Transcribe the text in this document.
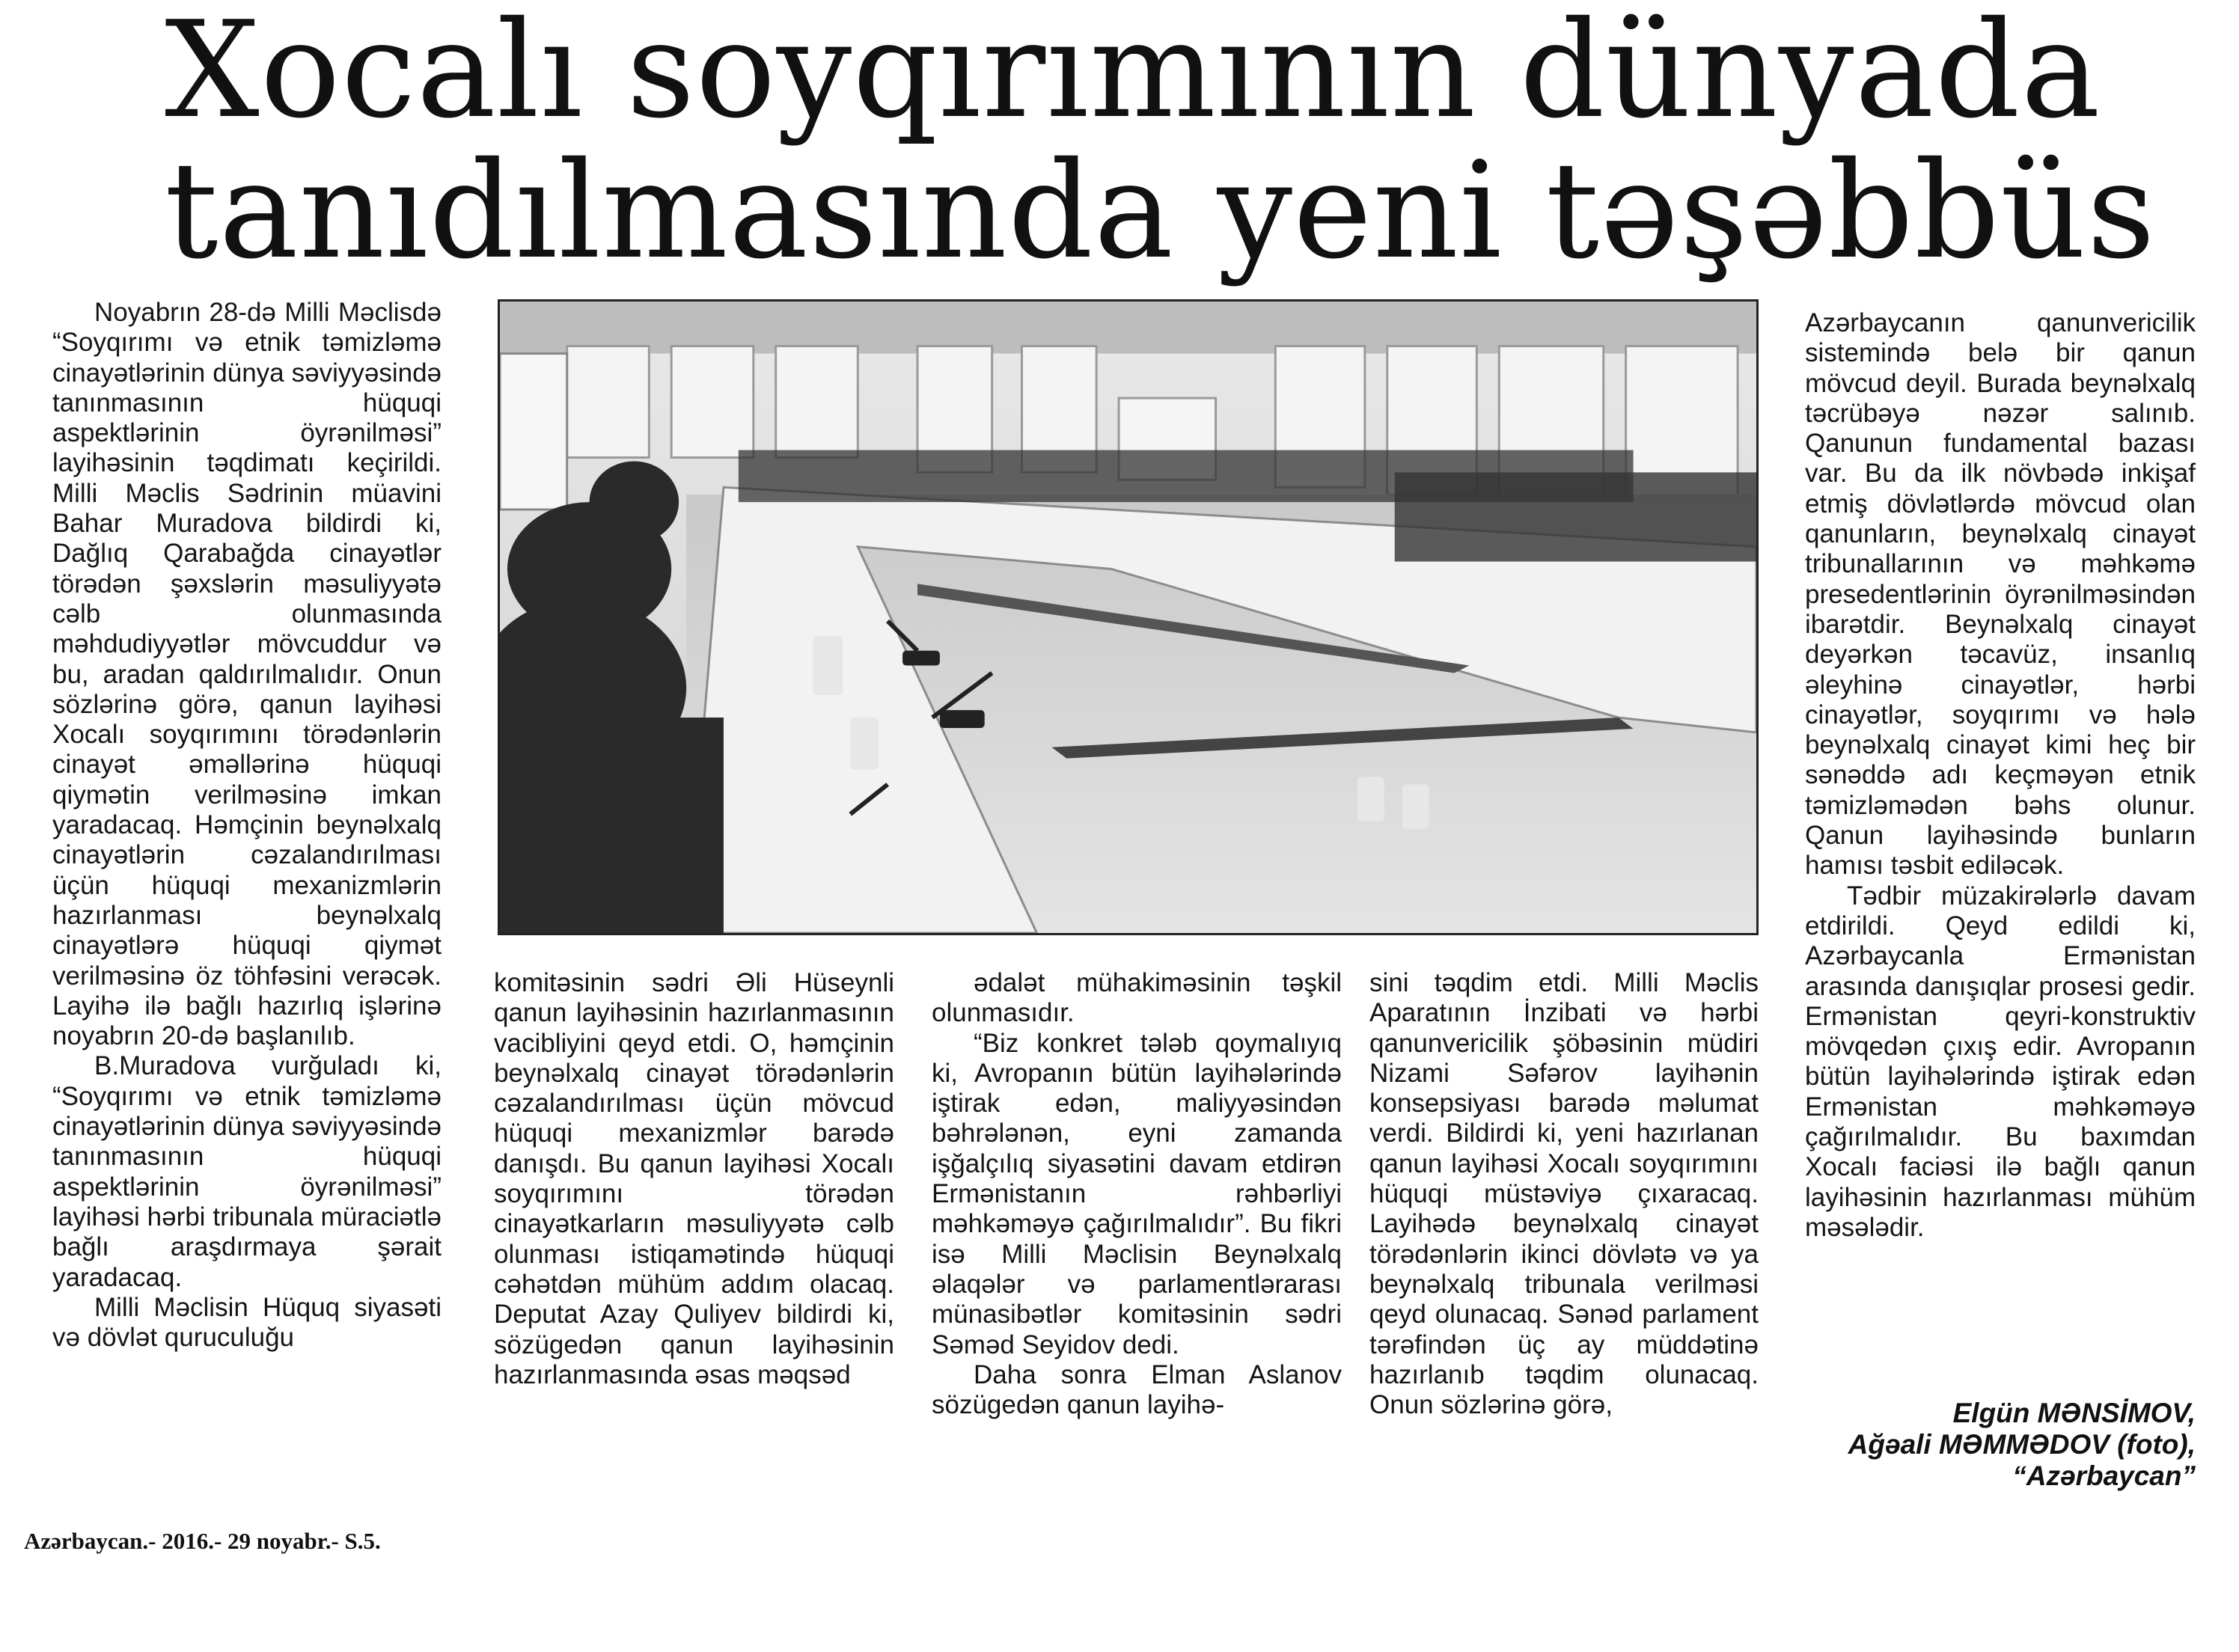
Xocalı soyqırımının dünyada
tanıdılmasında yeni təşəbbüs

Noyabrın 28-də Milli Məclisdə “Soyqırımı və etnik təmizləmə cinayətlərinin dünya səviyyəsində tanınmasının hüquqi aspektlərinin öyrənilməsi” layihəsinin təqdimatı keçirildi. Milli Məclis Sədrinin müavini Bahar Muradova bildirdi ki, Dağlıq Qarabağda cinayətlər törədən şəxslərin məsuliyyətə cəlb olunmasında məhdudiyyətlər mövcuddur və bu, aradan qaldırılmalıdır. Onun sözlərinə görə, qanun layihəsi Xocalı soyqırımını törədənlərin cinayət əməllərinə hüquqi qiymətin verilməsinə imkan yaradacaq. Həmçinin beynəlxalq cinayətlərin cəzalandırılması üçün hüquqi mexanizmlərin hazırlanması beynəlxalq cinayətlərə hüquqi qiymət verilməsinə öz töhfəsini verəcək. Layihə ilə bağlı hazırlıq işlərinə noyabrın 20-də başlanılıb.

B.Muradova vurğuladı ki, “Soyqırımı və etnik təmizləmə cinayətlərinin dünya səviyyəsində tanınmasının hüquqi aspektlərinin öyrənilməsi” layihəsi hərbi tribunala müraciətlə bağlı araşdırmaya şərait yaradacaq.

Milli Məclisin Hüquq siyasəti və dövlət quruculuğu

komitəsinin sədri Əli Hüseynli qanun layihəsinin hazırlanmasının vacibliyini qeyd etdi. O, həmçinin beynəlxalq cinayət törədənlərin cəzalandırılması üçün mövcud hüquqi mexanizmlər barədə danışdı. Bu qanun layihəsi Xocalı soyqırımını törədən cinayətkarların məsuliyyətə cəlb olunması istiqamətində hüquqi cəhətdən mühüm addım olacaq. Deputat Azay Quliyev bildirdi ki, sözügedən qanun layihəsinin hazırlanmasında əsas məqsəd

ədalət mühakiməsinin təşkil olunmasıdır.

“Biz konkret tələb qoymalıyıq ki, Avropanın bütün layihələrində iştirak edən, maliyyəsindən bəhrələnən, eyni zamanda işğalçılıq siyasətini davam etdirən Ermənistanın rəhbərliyi məhkəməyə çağırılmalıdır”. Bu fikri isə Milli Məclisin Beynəlxalq əlaqələr və parlamentlərarası münasibətlər komitəsinin sədri Səməd Seyidov dedi.

Daha sonra Elman Aslanov sözügedən qanun layihə-

sini təqdim etdi. Milli Məclis Aparatının İnzibati və hərbi qanunvericilik şöbəsinin müdiri Nizami Səfərov layihənin konsepsiyası barədə məlumat verdi. Bildirdi ki, yeni hazırlanan qanun layihəsi Xocalı soyqırımını hüquqi müstəviyə çıxaracaq. Layihədə beynəlxalq cinayət törədənlərin ikinci dövlətə və ya beynəlxalq tribunala verilməsi qeyd olunacaq. Sənəd parlament tərəfindən üç ay müddətinə hazırlanıb təqdim olunacaq. Onun sözlərinə görə,

Azərbaycanın qanunvericilik sistemində belə bir qanun mövcud deyil. Burada beynəlxalq təcrübəyə nəzər salınıb. Qanunun fundamental bazası var. Bu da ilk növbədə inkişaf etmiş dövlətlərdə mövcud olan qanunların, beynəlxalq cinayət tribunallarının və məhkəmə presedentlərinin öyrənilməsindən ibarətdir. Beynəlxalq cinayət deyərkən təcavüz, insanlıq əleyhinə cinayətlər, hərbi cinayətlər, soyqırımı və hələ beynəlxalq cinayət kimi heç bir sənəddə adı keçməyən etnik təmizləmədən bəhs olunur. Qanun layihəsində bunların hamısı təsbit ediləcək.

Tədbir müzakirələrlə davam etdirildi. Qeyd edildi ki, Azərbaycanla Ermənistan arasında danışıqlar prosesi gedir. Ermənistan qeyri-konstruktiv mövqedən çıxış edir. Avropanın bütün layihələrində iştirak edən Ermənistan məhkəməyə çağırılmalıdır. Bu baxımdan Xocalı faciəsi ilə bağlı qanun layihəsinin hazırlanması mühüm məsələdir.

Elgün MƏNSİMOV,
Ağəali MƏMMƏDOV (foto),
“Azərbaycan”
Azərbaycan.- 2016.- 29 noyabr.- S.5.
